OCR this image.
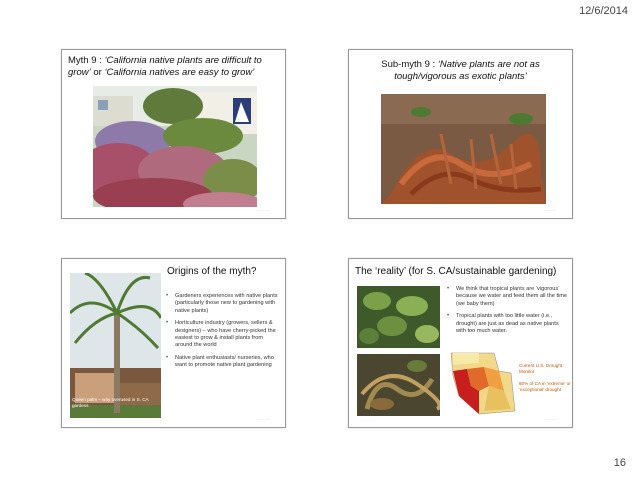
12/6/2014
Myth 9 : ‘California native plants are difficult to grow’ or ‘California natives are easy to grow’
··· ··· ···
Sub-myth 9 : ‘Native plants are not as tough/vigorous as exotic plants’
··· ··· ···
Queen palm – way overused in S. CA gardens
Origins of the myth?
• Gardeners experiences with native plants (particularly those new to gardening with native plants)
• Horticulture industry (growers, sellers & designers) – who have cherry-picked the easiest to grow & install plants from around the world
• Native plant enthusiasts/ nurseries, who want to promote native plant gardening
··· ··· ···
The ‘reality’ (for S. CA/sustainable gardening)
• We think that tropical plants are ‘vigorous’ because we water and feed them all the time (we baby them)
• Tropical plants with too little water (i.e., drought) are just as dead as native plants with too much water.
Current U.S. Drought Monitor
80% of CA in ‘extreme’ or ‘exceptional’ drought
··· ··· ··· ··· ··· ···	··· ··· ···
16
